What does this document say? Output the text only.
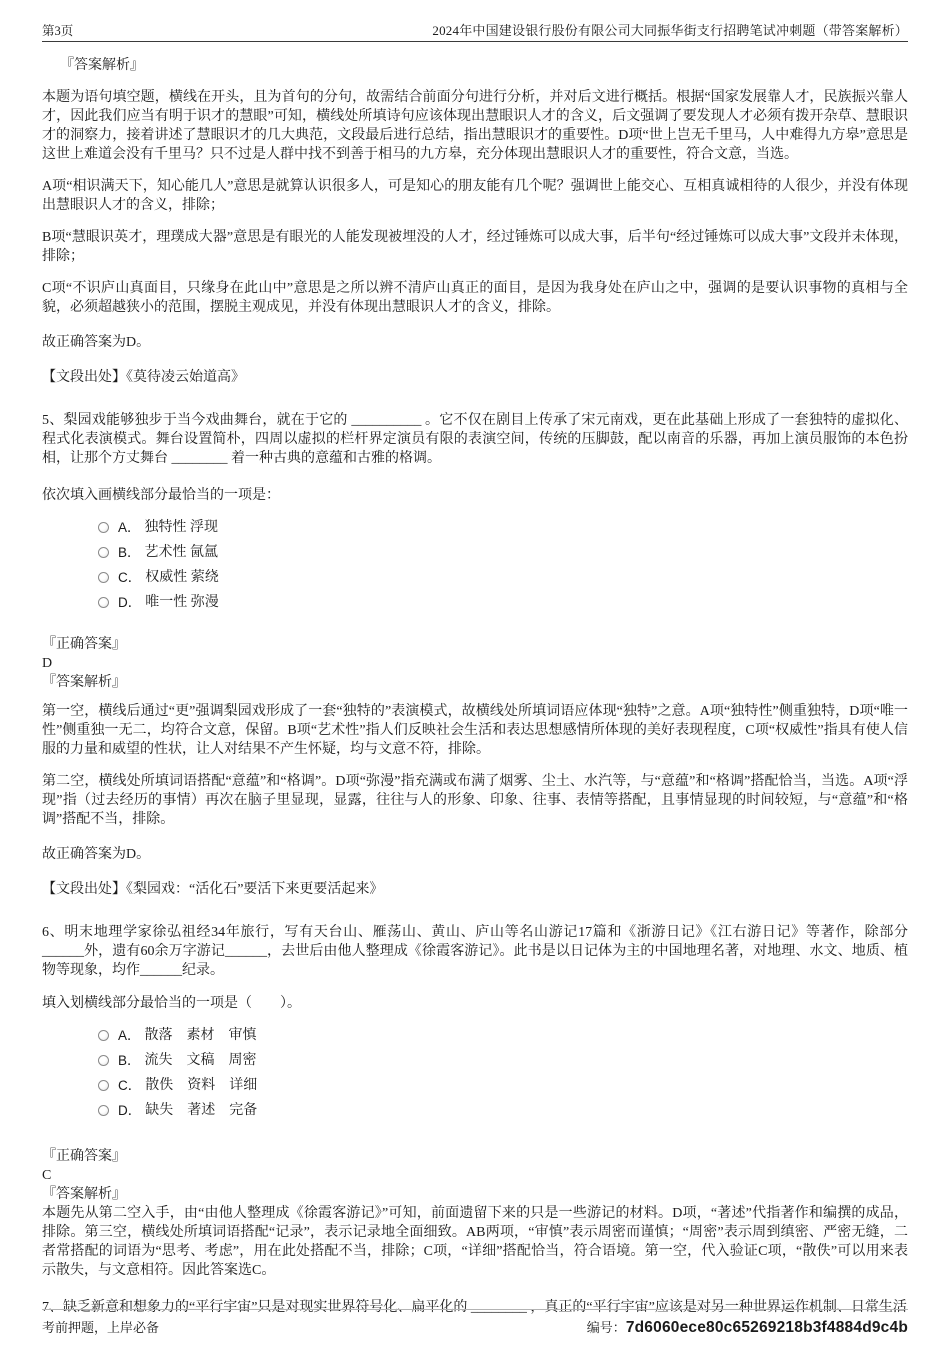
第3页	2024年中国建设银行股份有限公司大同振华街支行招聘笔试冲刺题（带答案解析）
『答案解析』

本题为语句填空题，横线在开头，且为首句的分句，故需结合前面分句进行分析，并对后文进行概括。根据“国家发展靠人才，民族振兴靠人才，因此我们应当有明于识才的慧眼”可知，横线处所填诗句应该体现出慧眼识人才的含义，后文强调了要发现人才必须有拨开杂草、慧眼识才的洞察力，接着讲述了慧眼识才的几大典范，文段最后进行总结，指出慧眼识才的重要性。D项“世上岂无千里马，人中难得九方皋”意思是这世上难道会没有千里马？只不过是人群中找不到善于相马的九方皋，充分体现出慧眼识人才的重要性，符合文意，当选。

A项“相识满天下，知心能几人”意思是就算认识很多人，可是知心的朋友能有几个呢？强调世上能交心、互相真诚相待的人很少，并没有体现出慧眼识人才的含义，排除；

B项“慧眼识英才，理璞成大器”意思是有眼光的人能发现被埋没的人才，经过锤炼可以成大事，后半句“经过锤炼可以成大事”文段并未体现，排除；

C项“不识庐山真面目，只缘身在此山中”意思是之所以辨不清庐山真正的面目，是因为我身处在庐山之中，强调的是要认识事物的真相与全貌，必须超越狭小的范围，摆脱主观成见，并没有体现出慧眼识人才的含义，排除。

故正确答案为D。
【文段出处】《莫待凌云始道高》

5、梨园戏能够独步于当今戏曲舞台，就在于它的 __________ 。它不仅在剧目上传承了宋元南戏，更在此基础上形成了一套独特的虚拟化、程式化表演模式。舞台设置简朴，四周以虚拟的栏杆界定演员有限的表演空间，传统的压脚鼓，配以南音的乐器，再加上演员服饰的本色扮相，让那个方丈舞台 ________ 着一种古典的意蕴和古雅的格调。

依次填入画横线部分最恰当的一项是：
A． 独特性 浮现
B． 艺术性 氤氲
C． 权威性 萦绕
D． 唯一性 弥漫
『正确答案』
D
『答案解析』

第一空，横线后通过“更”强调梨园戏形成了一套“独特的”表演模式，故横线处所填词语应体现“独特”之意。A项“独特性”侧重独特，D项“唯一性”侧重独一无二，均符合文意，保留。B项“艺术性”指人们反映社会生活和表达思想感情所体现的美好表现程度，C项“权威性”指具有使人信服的力量和威望的性状，让人对结果不产生怀疑，均与文意不符，排除。

第二空，横线处所填词语搭配“意蕴”和“格调”。D项“弥漫”指充满或布满了烟雾、尘土、水汽等，与“意蕴”和“格调”搭配恰当，当选。A项“浮现”指（过去经历的事情）再次在脑子里显现，显露，往往与人的形象、印象、往事、表情等搭配，且事情显现的时间较短，与“意蕴”和“格调”搭配不当，排除。

故正确答案为D。
【文段出处】《梨园戏：“活化石”要活下来更要活起来》

6、明末地理学家徐弘祖经34年旅行，写有天台山、雁荡山、黄山、庐山等名山游记17篇和《浙游日记》《江右游日记》等著作，除部分______外，遗有60余万字游记______，去世后由他人整理成《徐霞客游记》。此书是以日记体为主的中国地理名著，对地理、水文、地质、植物等现象，均作______纪录。

填入划横线部分最恰当的一项是（　　）。
A． 散落　素材　审慎
B． 流失　文稿　周密
C． 散佚　资料　详细
D． 缺失　著述　完备
『正确答案』
C
『答案解析』

本题先从第二空入手，由“由他人整理成《徐霞客游记》”可知，前面遗留下来的只是一些游记的材料。D项，“著述”代指著作和编撰的成品，排除。第三空，横线处所填词语搭配“记录”，表示记录地全面细致。AB两项，“审慎”表示周密而谨慎；“周密”表示周到缜密、严密无缝，二者常搭配的词语为“思考、考虑”，用在此处搭配不当，排除；C项，“详细”搭配恰当，符合语境。第一空，代入验证C项，“散佚”可以用来表示散失，与文意相符。因此答案选C。

7、缺乏新意和想象力的“平行宇宙”只是对现实世界符号化、扁平化的 ________ ，真正的“平行宇宙”应该是对另一种世界运作机制、日常生活

考前押题，上岸必备	编号： 7d6060ece80c65269218b3f4884d9c4b
